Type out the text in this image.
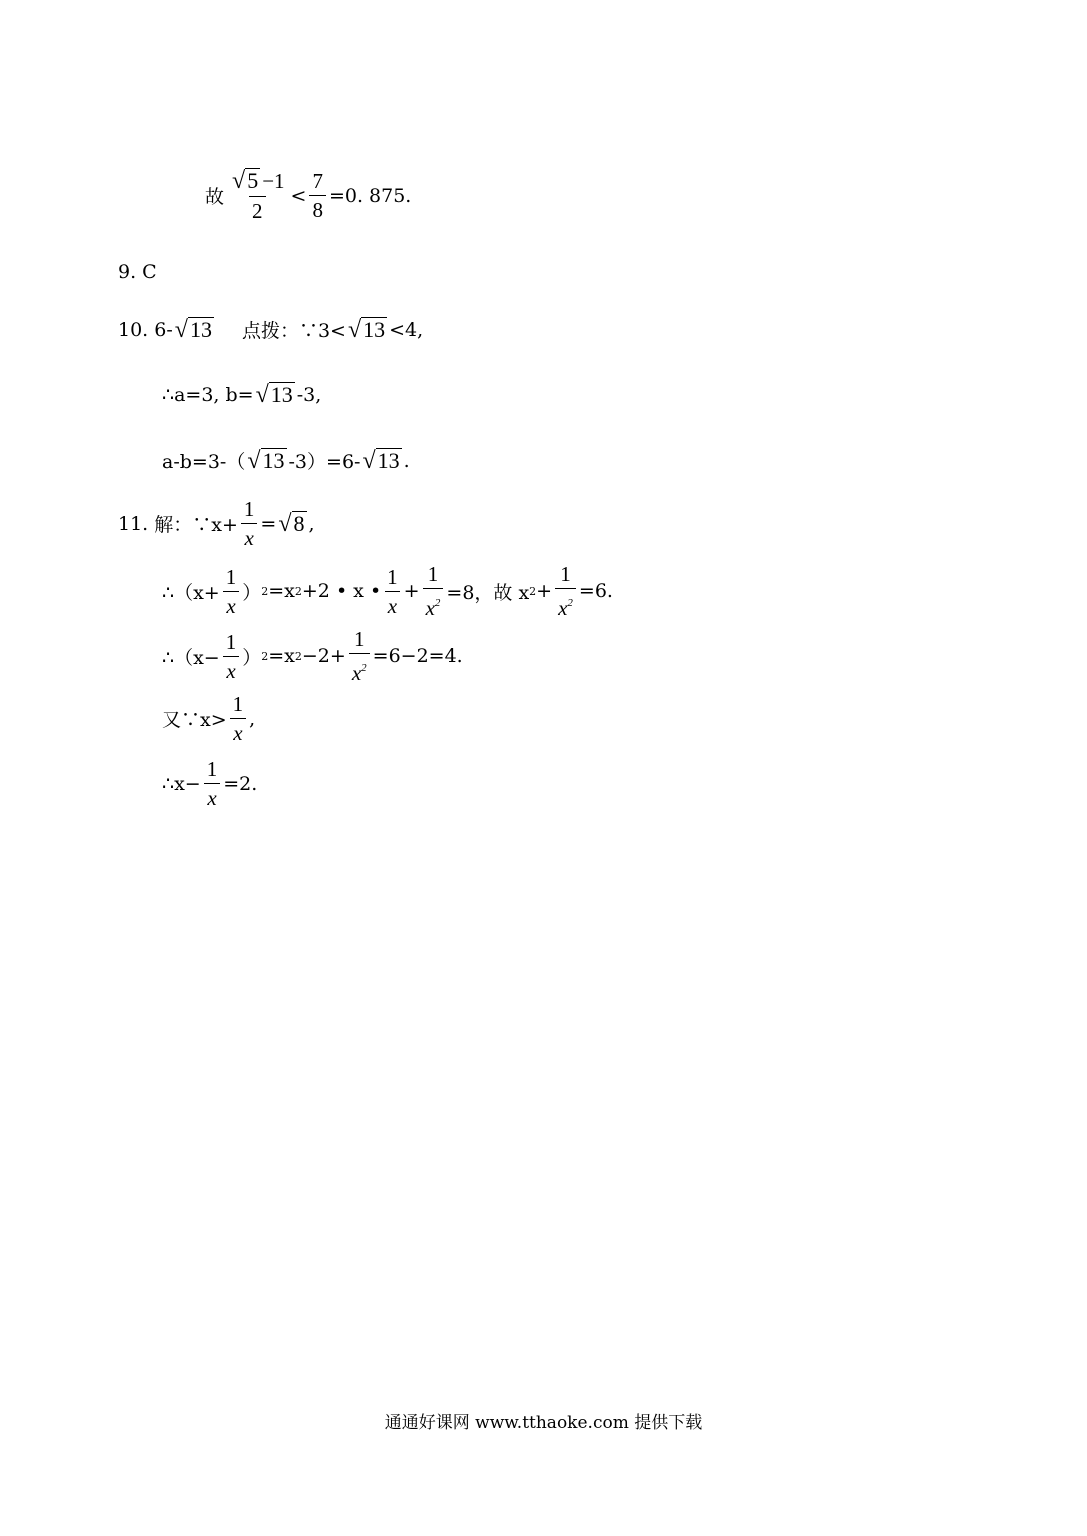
故 $\frac{√ 5 -1}{2} < \frac{7}{8} =0$. 875.
9. C
10.
6- √ 13 点拨：∵3< √ 13 <4,
∴a=3, b= √ 13 -3,
a-b=3-（ √ 13 -3）=6- √ 13 .
11.
解：∵x+ $\frac{1}{x}$ = √ 8 ,
∴（x+ $\frac{1}{x}$ ） 2 =x 2 +2 • x • $\frac{1}{x} + \frac{1}{x^2} =8$，故 x $2 + \frac{1}{x^2} =6$.
∴（x− $\frac{1}{x}$ ） 2 =x $2 -2+ \frac{1}{x^2} =6-2=4$.
又∵x> $\frac{1}{x}$ ,
∴x− $\frac{1}{x} =2$.
通通好课网 www.tthaoke.com 提供下载
